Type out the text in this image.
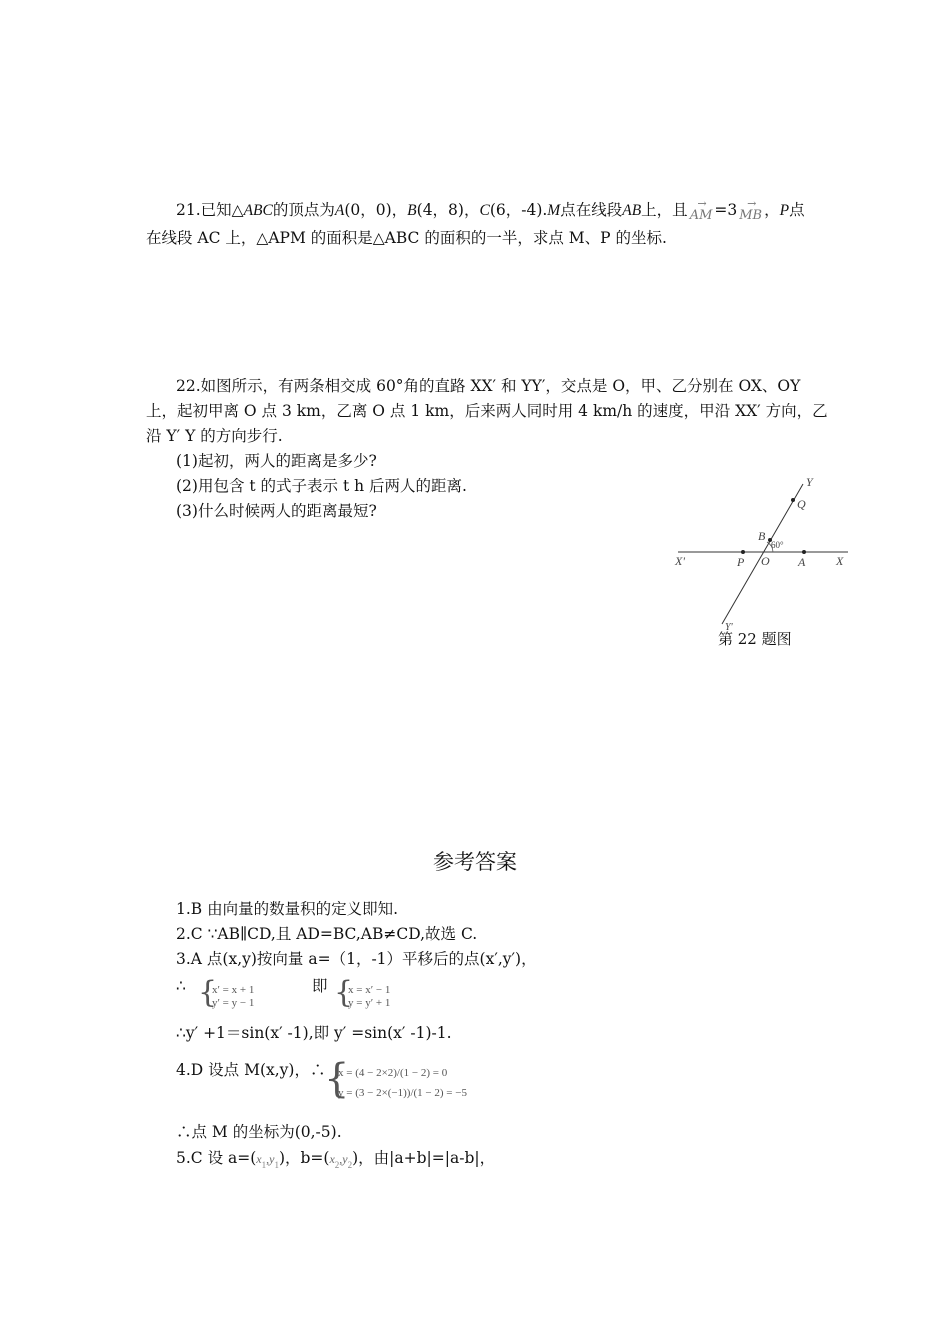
21.已知△ABC的顶点为A(0，0)，B(4，8)，C(6，-4).M点在线段AB上，且 → AM =3 → MB ，P点
在线段 AC 上，△APM 的面积是△ABC 的面积的一半，求点 M、P 的坐标.
22.如图所示，有两条相交成 60°角的直路 XX′ 和 YY′，交点是 O，甲、乙分别在 OX、OY
上，起初甲离 O 点 3 km，乙离 O 点 1 km，后来两人同时用 4 km/h 的速度，甲沿 XX′ 方向，乙
沿 Y′ Y 的方向步行.
(1)起初，两人的距离是多少?
(2)用包含 t 的式子表示 t h 后两人的距离.
(3)什么时候两人的距离最短?
Y
Q
B
60°
X'	P O A	X
Y'
第 22 题图
参考答案
1.B 由向量的数量积的定义即知.
2.C ∵AB∥CD,且 AD=BC,AB≠CD,故选 C.
3.A 点(x,y)按向量 a=（1，-1）平移后的点(x′,y′)，
∴ {
x′ = x + 1
y′ = y − 1
即 {
x = x′ − 1
y = y′ + 1
∴y′ +1＝sin(x′ -1),即 y′ =sin(x′ -1)-1.
4.D 设点 M(x,y)，∴
{
x = (4 − 2×2)/(1 − 2) = 0
y = (3 − 2×(−1))/(1 − 2) = −5
∴点 M 的坐标为(0,-5).
5.C 设 $a=(x_1,y_1)$，$b=(x_2,y_2)$，由|a+b|=|a-b|，
